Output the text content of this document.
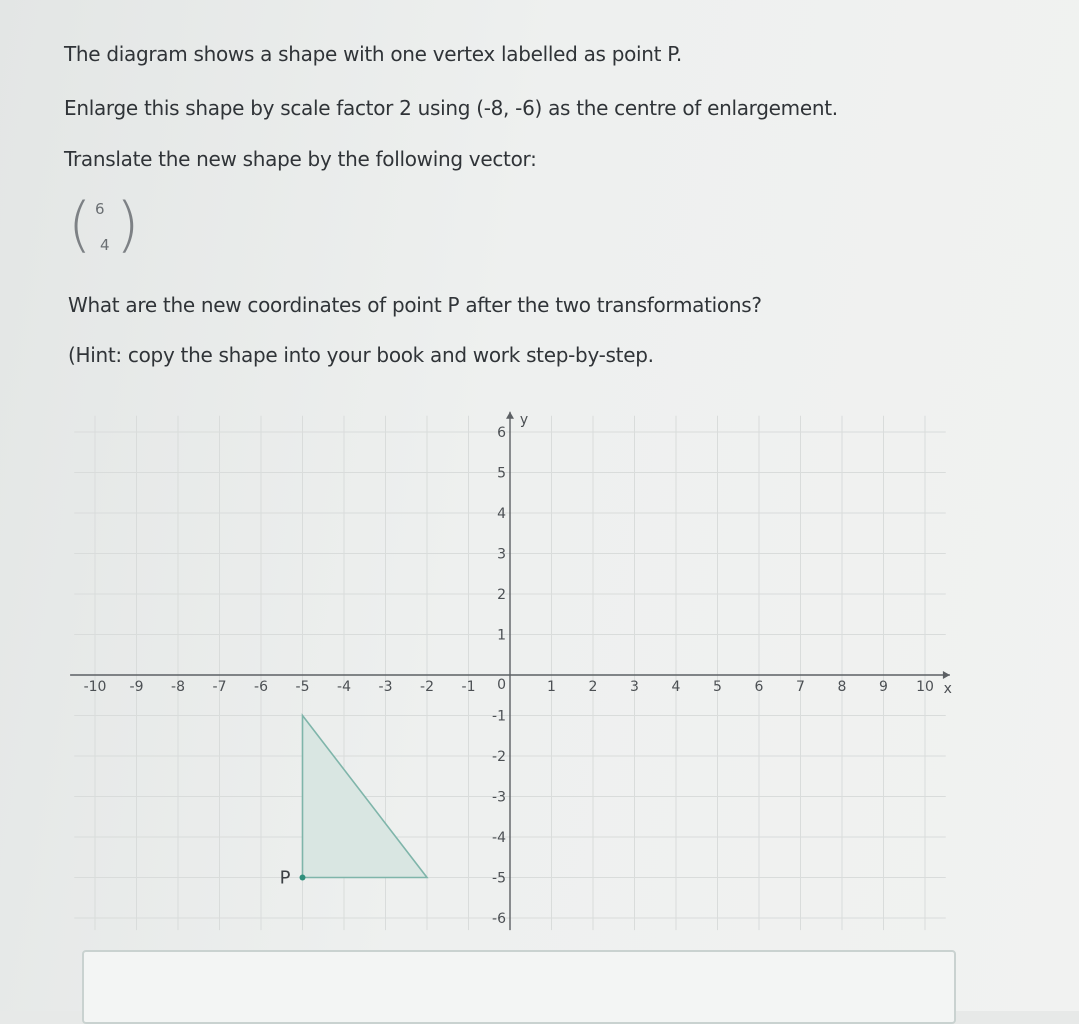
The diagram shows a shape with one vertex labelled as point P.
Enlarge this shape by scale factor 2 using (-8, -6) as the centre of enlargement.
Translate the new shape by the following vector:
( 6
4 )
What are the new coordinates of point P after the two transformations?
(Hint: copy the shape into your book and work step-by-step.
-10 -9 -8 -7 -6 -5 -4 -3 -2 -1	1 2 3 4 5 6 7 8 9 10
6
5
4
3
2
1
-1
-2
-3
-4
-5
-6
0	x
y
P
